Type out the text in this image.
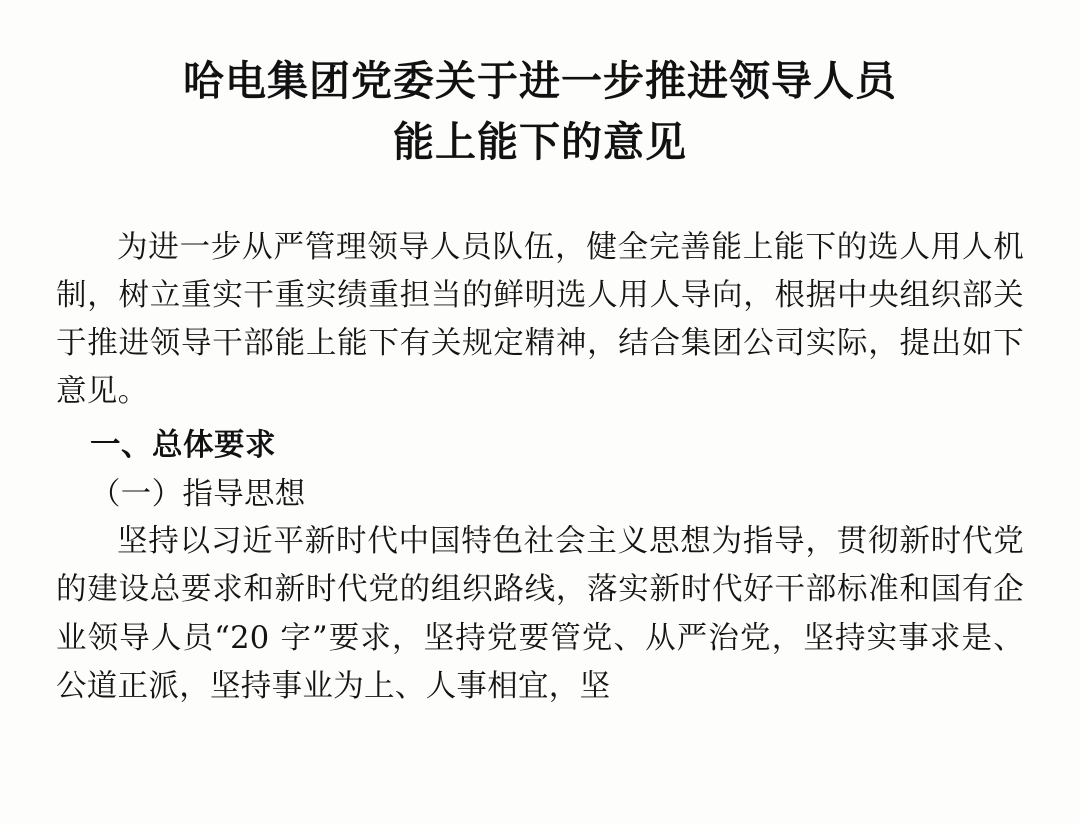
哈电集团党委关于进一步推进领导人员
能上能下的意见

为进一步从严管理领导人员队伍，健全完善能上能下的选人用人机制，树立重实干重实绩重担当的鲜明选人用人导向，根据中央组织部关于推进领导干部能上能下有关规定精神，结合集团公司实际，提出如下意见。

一、总体要求
（一）指导思想

坚持以习近平新时代中国特色社会主义思想为指导，贯彻新时代党的建设总要求和新时代党的组织路线，落实新时代好干部标准和国有企业领导人员“20 字”要求，坚持党要管党、从严治党，坚持实事求是、公道正派，坚持事业为上、人事相宜，坚
